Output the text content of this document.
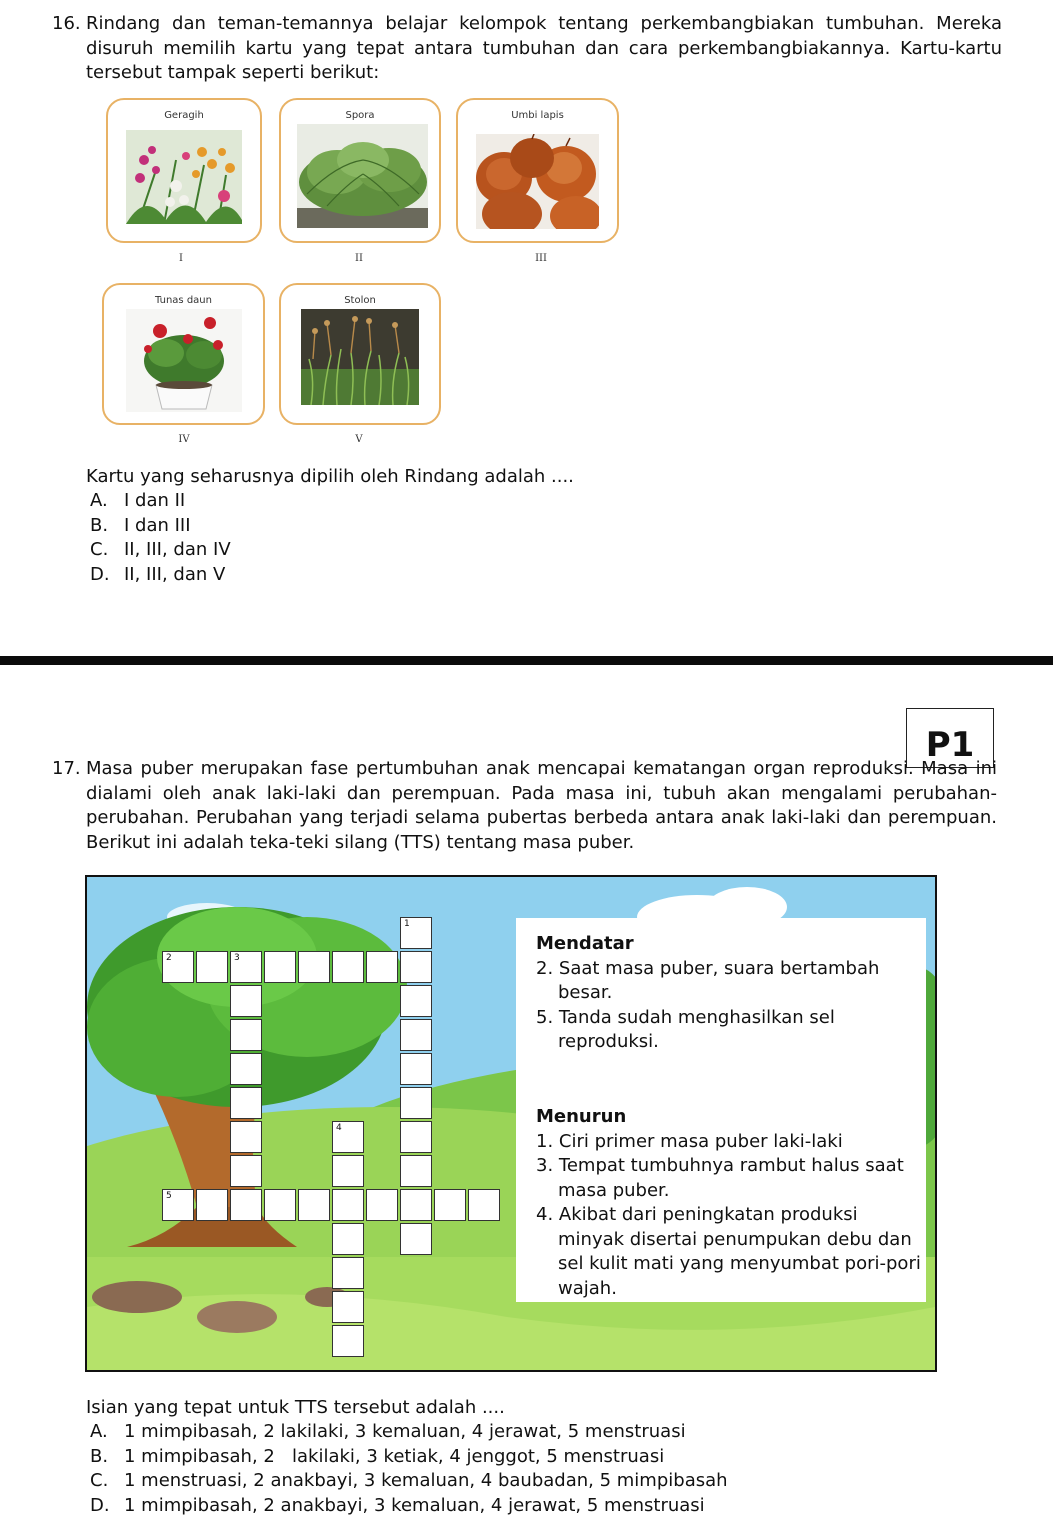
16. Rindang dan teman-temannya belajar kelompok tentang perkembangbiakan tumbuhan. Mereka disuruh memilih kartu yang tepat antara tumbuhan dan cara perkembangbiakannya. Kartu-kartu tersebut tampak seperti berikut:
Geragih
I
Spora
II
Umbi lapis
III
Tunas daun
IV
Stolon
V
Kartu yang seharusnya dipilih oleh Rindang adalah ....
A. I dan II
B. I dan III
C. II, III, dan IV
D. II, III, dan V
P1
17. Masa puber merupakan fase pertumbuhan anak mencapai kematangan organ reproduksi. Masa ini dialami oleh anak laki-laki dan perempuan. Pada masa ini, tubuh akan mengalami perubahan-perubahan. Perubahan yang terjadi selama pubertas berbeda antara anak laki-laki dan perempuan. Berikut ini adalah teka-teki silang (TTS) tentang masa puber.
2	3
1
5
4
Mendatar
2. Saat masa puber, suara bertambah besar.
5. Tanda sudah menghasilkan sel reproduksi.
Menurun
1. Ciri primer masa puber laki-laki
3. Tempat tumbuhnya rambut halus saat masa puber.
4. Akibat dari peningkatan produksi minyak disertai penumpukan debu dan sel kulit mati yang menyumbat pori-pori wajah.
Isian yang tepat untuk TTS tersebut adalah ....
A. 1 mimpibasah, 2 lakilaki, 3 kemaluan, 4 jerawat, 5 menstruasi
B. 1 mimpibasah, 2   lakilaki, 3 ketiak, 4 jenggot, 5 menstruasi
C. 1 menstruasi, 2 anakbayi, 3 kemaluan, 4 baubadan, 5 mimpibasah
D. 1 mimpibasah, 2 anakbayi, 3 kemaluan, 4 jerawat, 5 menstruasi
